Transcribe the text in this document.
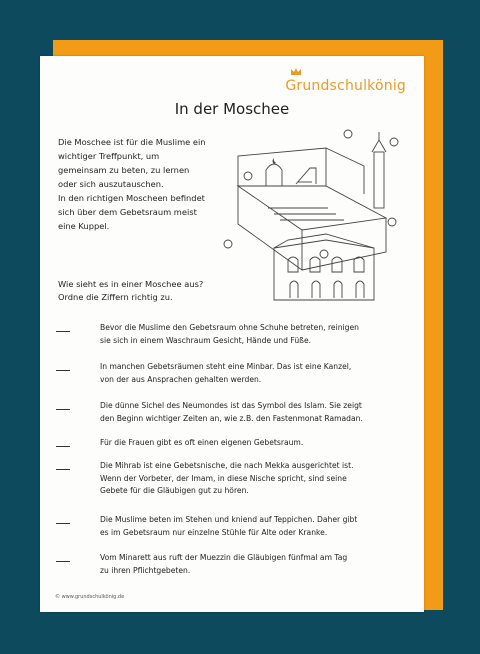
Grundschulkönig
In der Moschee
Die Moschee ist für die Muslime ein
wichtiger Treffpunkt, um
gemeinsam zu beten, zu lernen
oder sich auszutauschen.
In den richtigen Moscheen befindet
sich über dem Gebetsraum meist
eine Kuppel.
Wie sieht es in einer Moschee aus?
Ordne die Ziffern richtig zu.
Bevor die Muslime den Gebetsraum ohne Schuhe betreten, reinigen
sie sich in einem Waschraum Gesicht, Hände und Füße.
In manchen Gebetsräumen steht eine Minbar. Das ist eine Kanzel,
von der aus Ansprachen gehalten werden.
Die dünne Sichel des Neumondes ist das Symbol des Islam. Sie zeigt
den Beginn wichtiger Zeiten an, wie z.B. den Fastenmonat Ramadan.
Für die Frauen gibt es oft einen eigenen Gebetsraum.
Die Mihrab ist eine Gebetsnische, die nach Mekka ausgerichtet ist.
Wenn der Vorbeter, der Imam, in diese Nische spricht, sind seine
Gebete für die Gläubigen gut zu hören.
Die Muslime beten im Stehen und kniend auf Teppichen. Daher gibt
es im Gebetsraum nur einzelne Stühle für Alte oder Kranke.
Vom Minarett aus ruft der Muezzin die Gläubigen fünfmal am Tag
zu ihren Pflichtgebeten.
© www.grundschulkönig.de
